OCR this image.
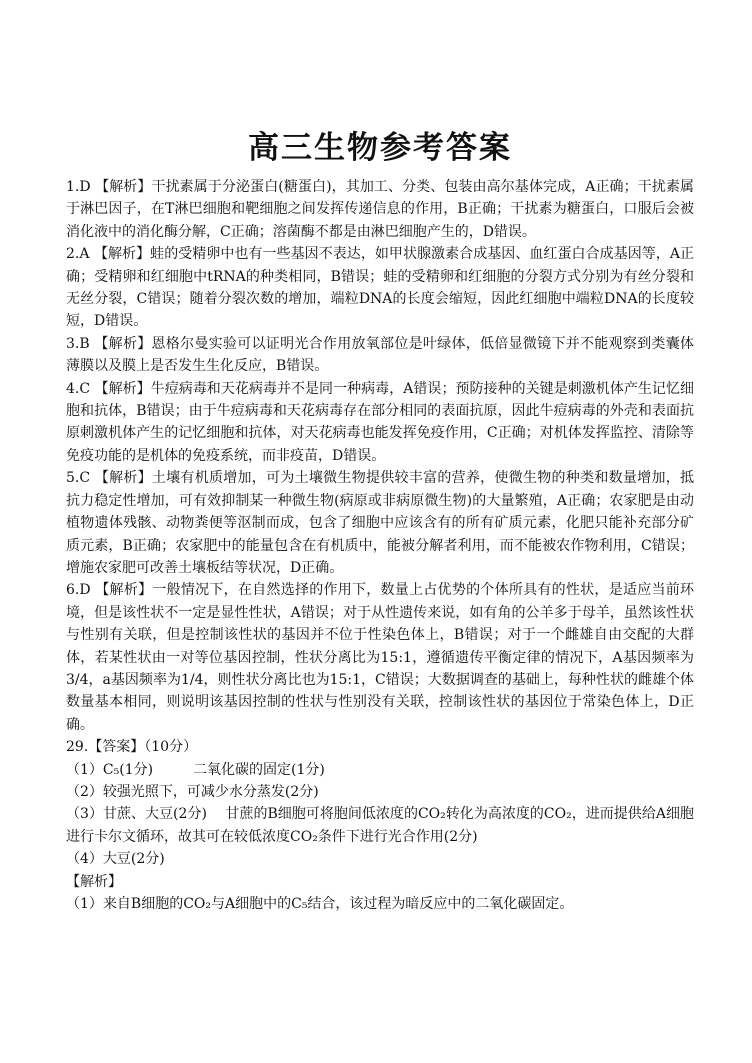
高三生物参考答案

1.D 【解析】干扰素属于分泌蛋白(糖蛋白)，其加工、分类、包装由高尔基体完成，A正确；干扰素属于淋巴因子，在T淋巴细胞和靶细胞之间发挥传递信息的作用，B正确；干扰素为糖蛋白，口服后会被消化液中的消化酶分解，C正确；溶菌酶不都是由淋巴细胞产生的，D错误。

2.A 【解析】蛙的受精卵中也有一些基因不表达，如甲状腺激素合成基因、血红蛋白合成基因等，A正确；受精卵和红细胞中tRNA的种类相同，B错误；蛙的受精卵和红细胞的分裂方式分别为有丝分裂和无丝分裂，C错误；随着分裂次数的增加，端粒DNA的长度会缩短，因此红细胞中端粒DNA的长度较短，D错误。

3.B 【解析】恩格尔曼实验可以证明光合作用放氧部位是叶绿体，低倍显微镜下并不能观察到类囊体薄膜以及膜上是否发生生化反应，B错误。

4.C 【解析】牛痘病毒和天花病毒并不是同一种病毒，A错误；预防接种的关键是刺激机体产生记忆细胞和抗体，B错误；由于牛痘病毒和天花病毒存在部分相同的表面抗原，因此牛痘病毒的外壳和表面抗原刺激机体产生的记忆细胞和抗体，对天花病毒也能发挥免疫作用，C正确；对机体发挥监控、清除等免疫功能的是机体的免疫系统，而非疫苗，D错误。

5.C 【解析】土壤有机质增加，可为土壤微生物提供较丰富的营养，使微生物的种类和数量增加，抵抗力稳定性增加，可有效抑制某一种微生物(病原或非病原微生物)的大量繁殖，A正确；农家肥是由动植物遗体残骸、动物粪便等沤制而成，包含了细胞中应该含有的所有矿质元素，化肥只能补充部分矿质元素，B正确；农家肥中的能量包含在有机质中，能被分解者利用，而不能被农作物利用，C错误；增施农家肥可改善土壤板结等状况，D正确。

6.D 【解析】一般情况下，在自然选择的作用下，数量上占优势的个体所具有的性状，是适应当前环境，但是该性状不一定是显性性状，A错误；对于从性遗传来说，如有角的公羊多于母羊，虽然该性状与性别有关联，但是控制该性状的基因并不位于性染色体上，B错误；对于一个雌雄自由交配的大群体，若某性状由一对等位基因控制，性状分离比为15:1，遵循遗传平衡定律的情况下，A基因频率为3/4，a基因频率为1/4，则性状分离比也为15:1，C错误；大数据调查的基础上，每种性状的雌雄个体数量基本相同，则说明该基因控制的性状与性别没有关联，控制该性状的基因位于常染色体上，D正确。

29.【答案】（10分）

（1）C₅(1分)	二氧化碳的固定(1分)

（2）较强光照下，可减少水分蒸发(2分)

（3）甘蔗、大豆(2分)　 甘蔗的B细胞可将胞间低浓度的CO₂转化为高浓度的CO₂，进而提供给A细胞进行卡尔文循环，故其可在较低浓度CO₂条件下进行光合作用(2分)

（4）大豆(2分)

【解析】

（1）来自B细胞的CO₂与A细胞中的C₅结合，该过程为暗反应中的二氧化碳固定。
